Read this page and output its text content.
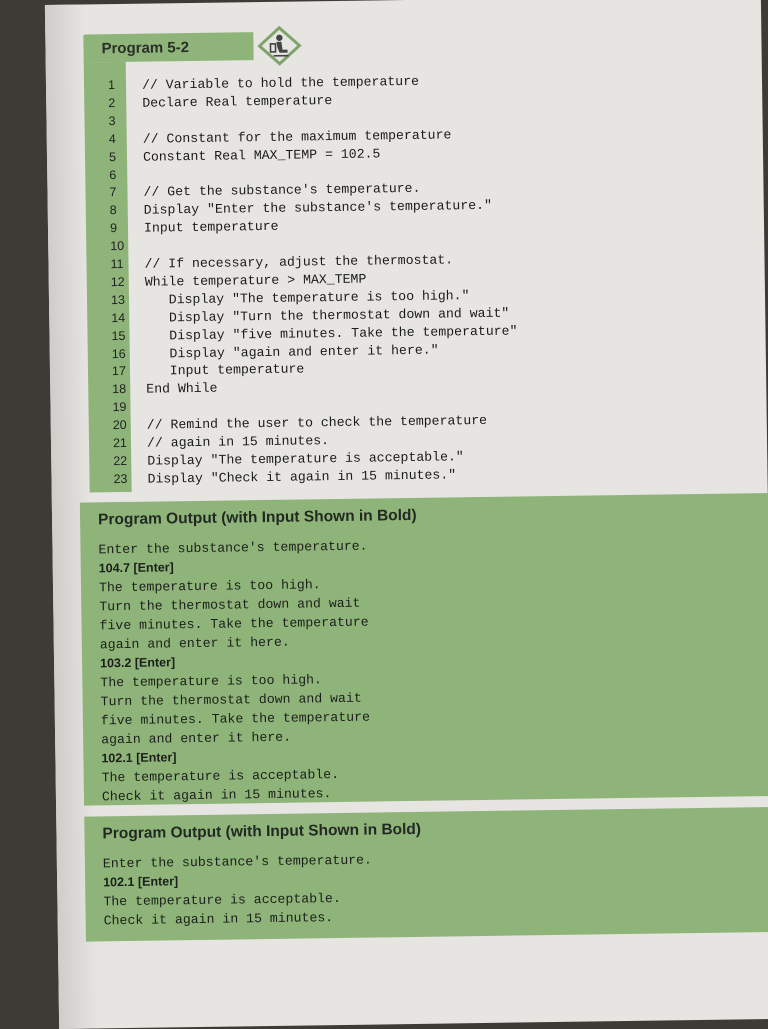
Program 5-2
1	// Variable to hold the temperature
2	Declare Real temperature
3
4	// Constant for the maximum temperature
5	Constant Real MAX_TEMP = 102.5
6
7	// Get the substance's temperature.
8	Display "Enter the substance's temperature."
9	Input temperature
10
11	// If necessary, adjust the thermostat.
12	While temperature > MAX_TEMP
13	Display "The temperature is too high."
14	Display "Turn the thermostat down and wait"
15	Display "five minutes. Take the temperature"
16	Display "again and enter it here."
17	Input temperature
18	End While
19
20	// Remind the user to check the temperature
21	// again in 15 minutes.
22	Display "The temperature is acceptable."
23	Display "Check it again in 15 minutes."
Program Output (with Input Shown in Bold)
Enter the substance's temperature.
104.7 [Enter]
The temperature is too high.
Turn the thermostat down and wait
five minutes. Take the temperature
again and enter it here.
103.2 [Enter]
The temperature is too high.
Turn the thermostat down and wait
five minutes. Take the temperature
again and enter it here.
102.1 [Enter]
The temperature is acceptable.
Check it again in 15 minutes.
Program Output (with Input Shown in Bold)
Enter the substance's temperature.
102.1 [Enter]
The temperature is acceptable.
Check it again in 15 minutes.
